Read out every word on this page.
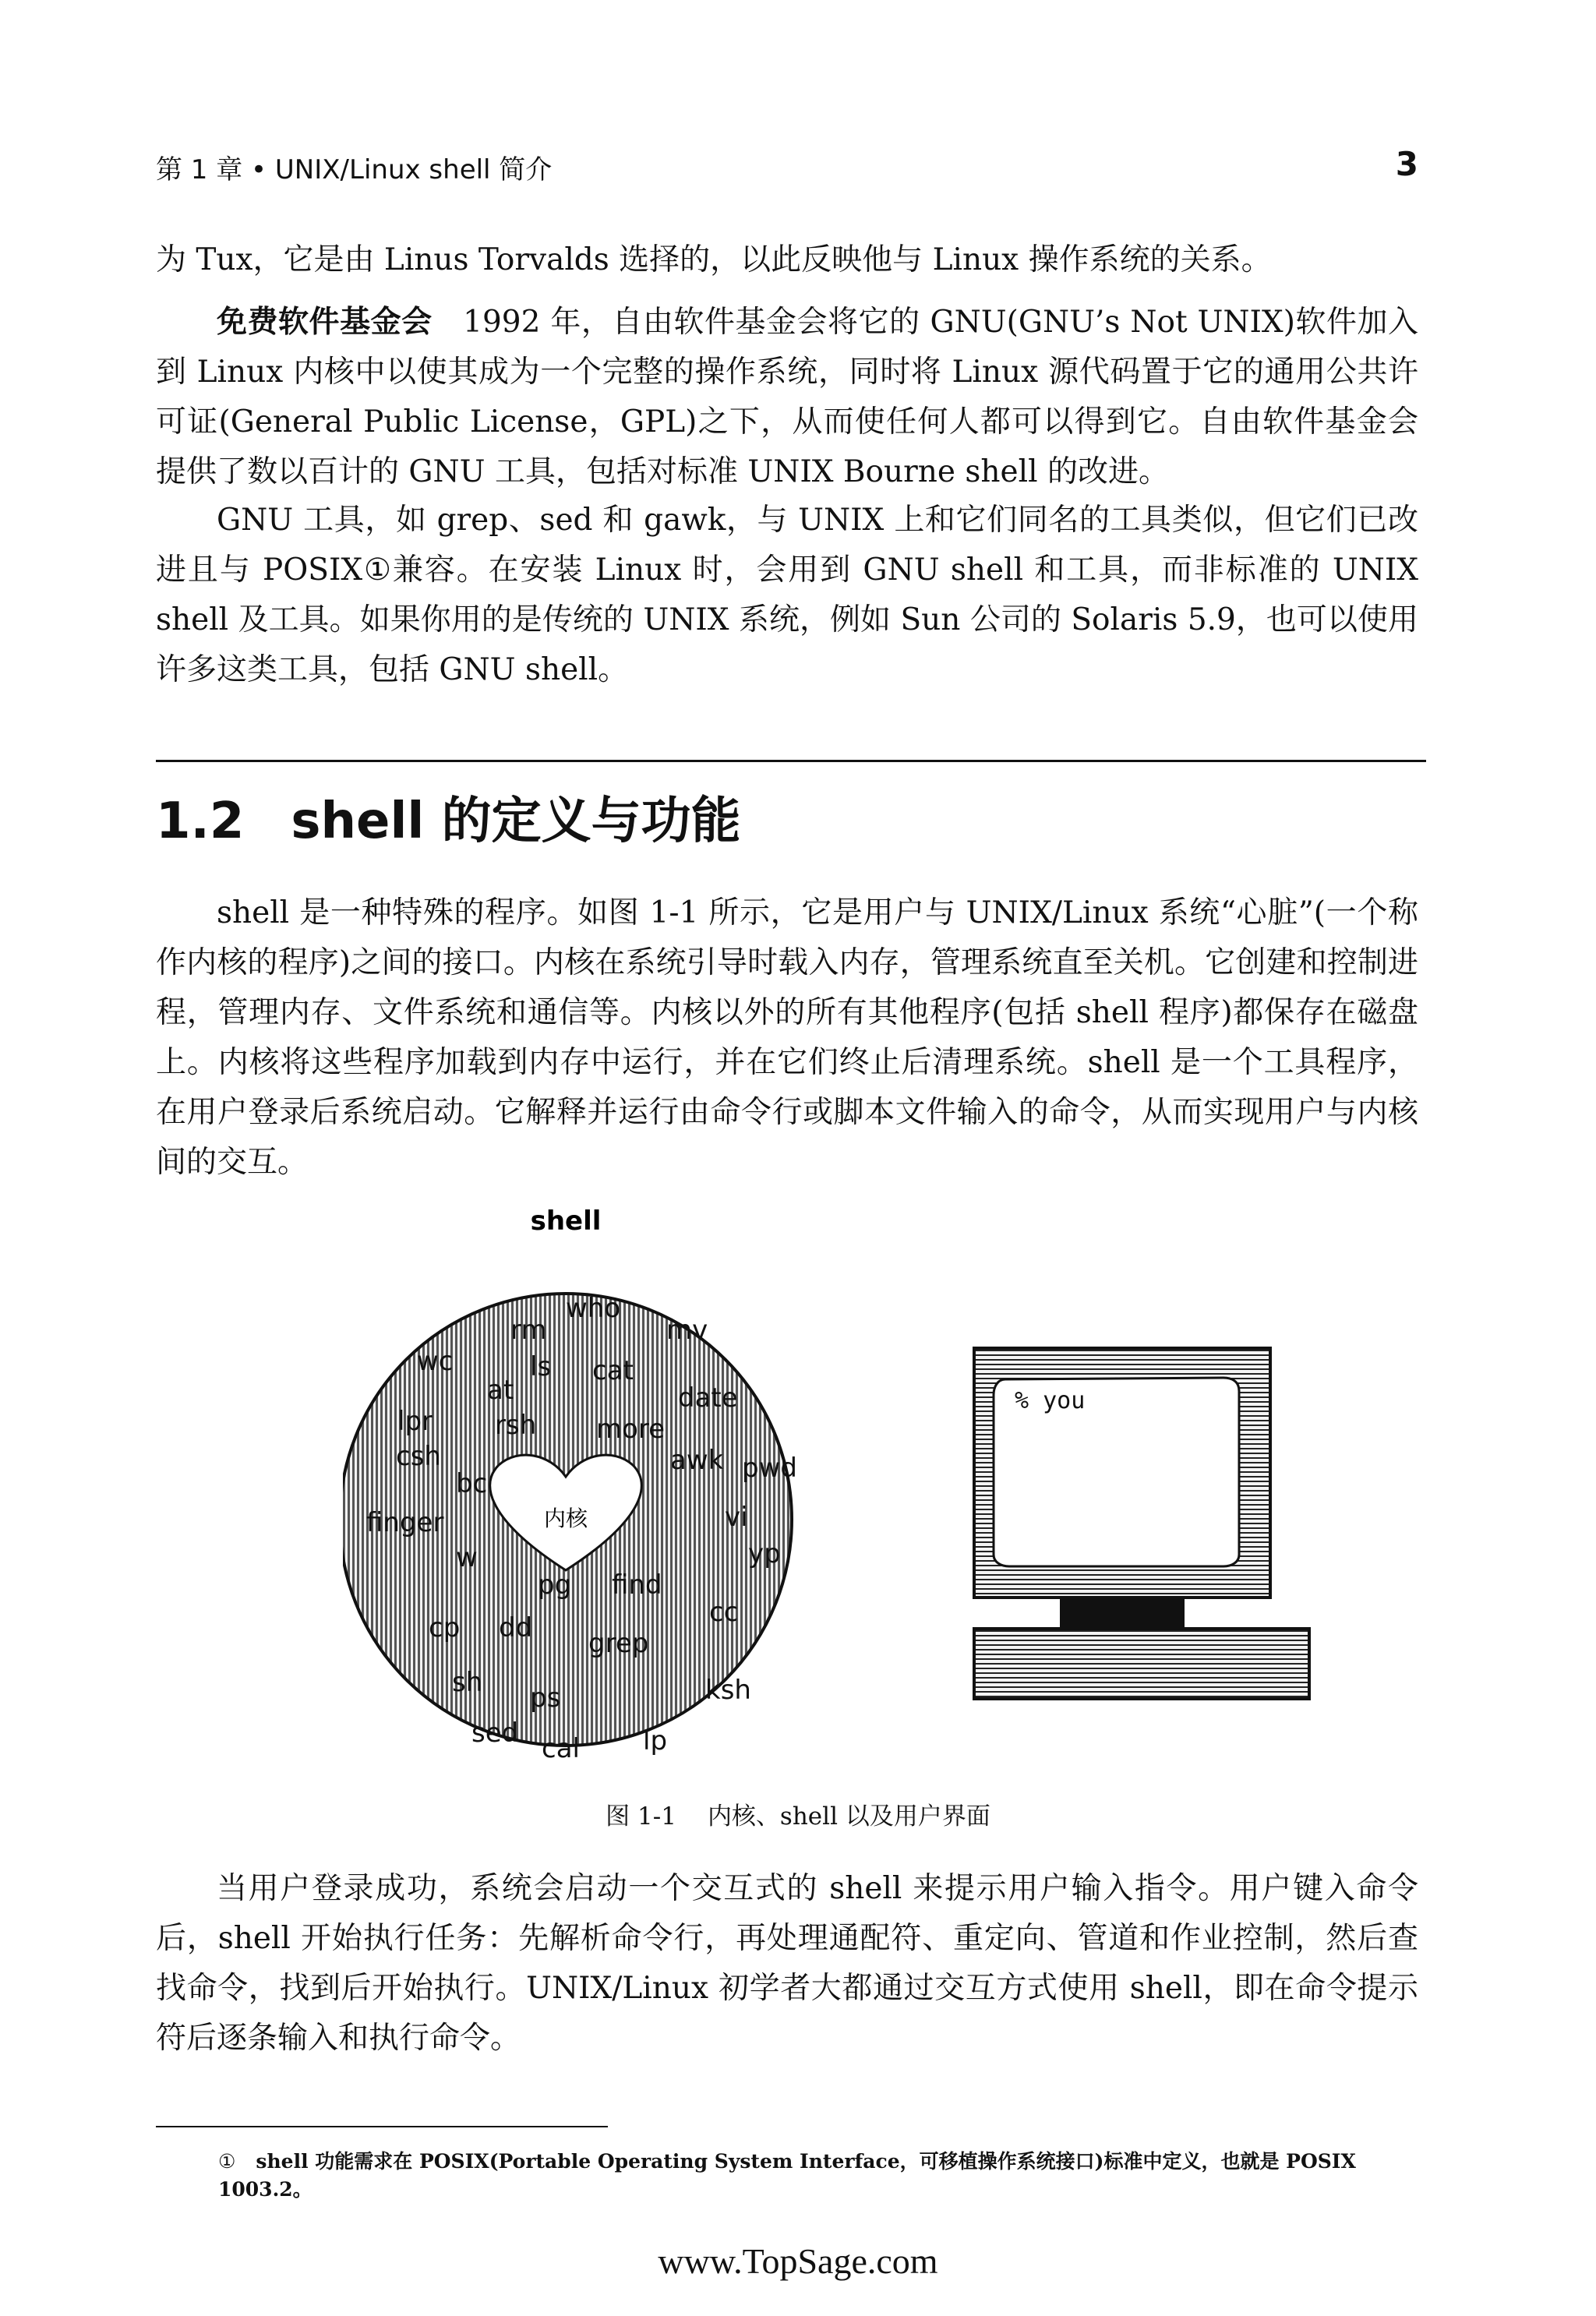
第 1 章 • UNIX/Linux shell 简介	3

为 Tux，它是由 Linus Torvalds 选择的，以此反映他与 Linux 操作系统的关系。

免费软件基金会　1992 年，自由软件基金会将它的 GNU(GNU’s Not UNIX)软件加入到 Linux 内核中以使其成为一个完整的操作系统，同时将 Linux 源代码置于它的通用公共许可证(General Public License，GPL)之下，从而使任何人都可以得到它。自由软件基金会提供了数以百计的 GNU 工具，包括对标准 UNIX Bourne shell 的改进。

GNU 工具，如 grep、sed 和 gawk，与 UNIX 上和它们同名的工具类似，但它们已改进且与 POSIX①兼容。在安装 Linux 时，会用到 GNU shell 和工具，而非标准的 UNIX shell 及工具。如果你用的是传统的 UNIX 系统，例如 Sun 公司的 Solaris 5.9，也可以使用许多这类工具，包括 GNU shell。

1.2 shell 的定义与功能

shell 是一种特殊的程序。如图 1-1 所示，它是用户与 UNIX/Linux 系统“心脏”(一个称作内核的程序)之间的接口。内核在系统引导时载入内存，管理系统直至关机。它创建和控制进程，管理内存、文件系统和通信等。内核以外的所有其他程序(包括 shell 程序)都保存在磁盘上。内核将这些程序加载到内存中运行，并在它们终止后清理系统。shell 是一个工具程序，在用户登录后系统启动。它解释并运行由命令行或脚本文件输入的命令，从而实现用户与内核间的交互。

shell
who
rm	mv
wc	ls cat
at	date
lpr rsh more
csh	awk pwd
bc
finger	vi
w	yp
pg find
cp dd	cc
grep
sh ps	ksh
sed cal lp
内核
% you
图 1-1 内核、shell 以及用户界面

当用户登录成功，系统会启动一个交互式的 shell 来提示用户输入指令。用户键入命令后，shell 开始执行任务：先解析命令行，再处理通配符、重定向、管道和作业控制，然后查找命令，找到后开始执行。UNIX/Linux 初学者大都通过交互方式使用 shell，即在命令提示符后逐条输入和执行命令。

① shell 功能需求在 POSIX(Portable Operating System Interface，可移植操作系统接口)标准中定义，也就是 POSIX 1003.2。
www.TopSage.com
